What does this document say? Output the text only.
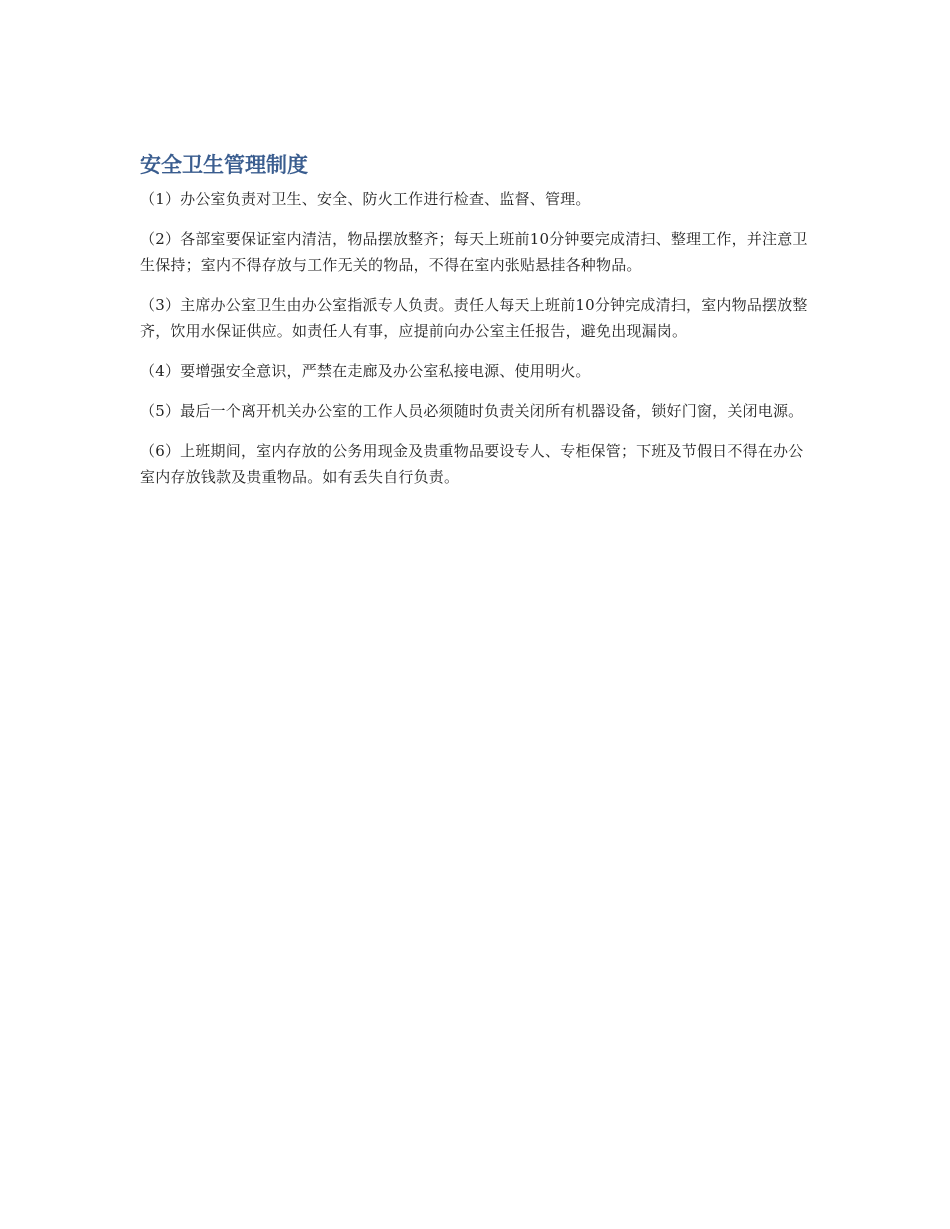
安全卫生管理制度

（1）办公室负责对卫生、安全、防火工作进行检查、监督、管理。

（2）各部室要保证室内清洁，物品摆放整齐；每天上班前10分钟要完成清扫、整理工作，并注意卫生保持；室内不得存放与工作无关的物品，不得在室内张贴悬挂各种物品。

（3）主席办公室卫生由办公室指派专人负责。责任人每天上班前10分钟完成清扫，室内物品摆放整齐，饮用水保证供应。如责任人有事，应提前向办公室主任报告，避免出现漏岗。

（4）要增强安全意识，严禁在走廊及办公室私接电源、使用明火。

（5）最后一个离开机关办公室的工作人员必须随时负责关闭所有机器设备，锁好门窗，关闭电源。

（6）上班期间，室内存放的公务用现金及贵重物品要设专人、专柜保管；下班及节假日不得在办公室内存放钱款及贵重物品。如有丢失自行负责。
